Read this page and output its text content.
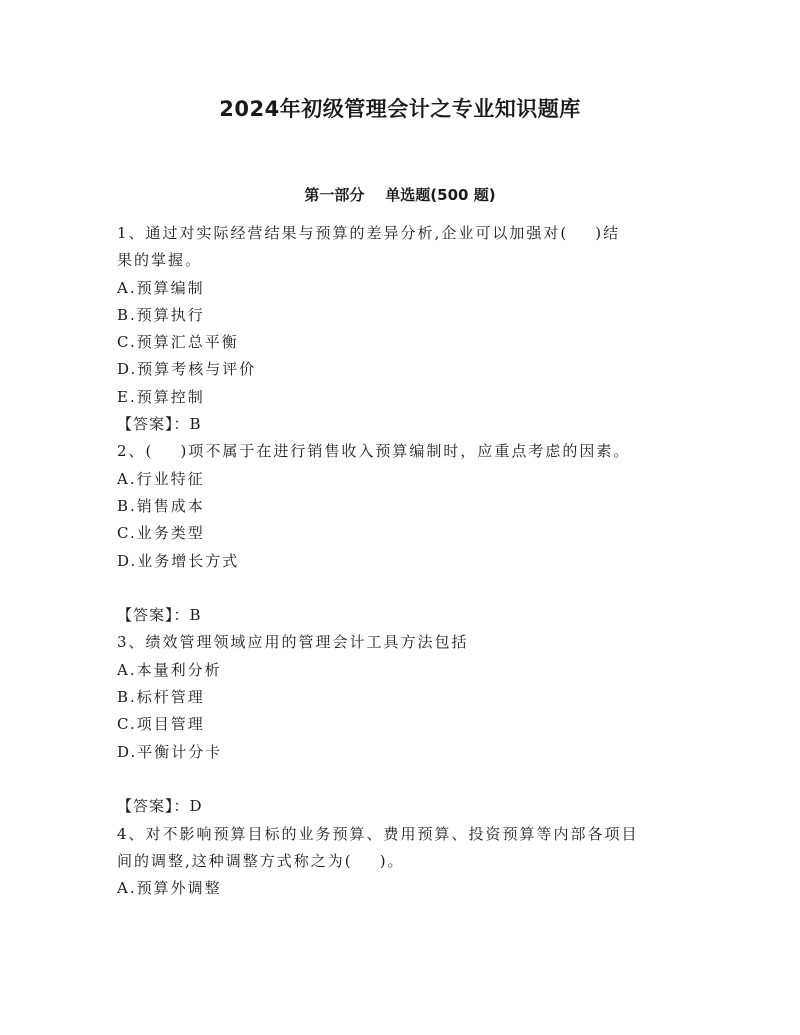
2024年初级管理会计之专业知识题库
第一部分    单选题(500 题)
1、通过对实际经营结果与预算的差异分析,企业可以加强对(    )结
果的掌握。
A.预算编制
B.预算执行
C.预算汇总平衡
D.预算考核与评价
E.预算控制
【答案】：B
2、(    )项不属于在进行销售收入预算编制时，应重点考虑的因素。
A.行业特征
B.销售成本
C.业务类型
D.业务增长方式
【答案】：B
3、绩效管理领域应用的管理会计工具方法包括
A.本量利分析
B.标杆管理
C.项目管理
D.平衡计分卡
【答案】：D
4、对不影响预算目标的业务预算、费用预算、投资预算等内部各项目
间的调整,这种调整方式称之为(    )。
A.预算外调整
